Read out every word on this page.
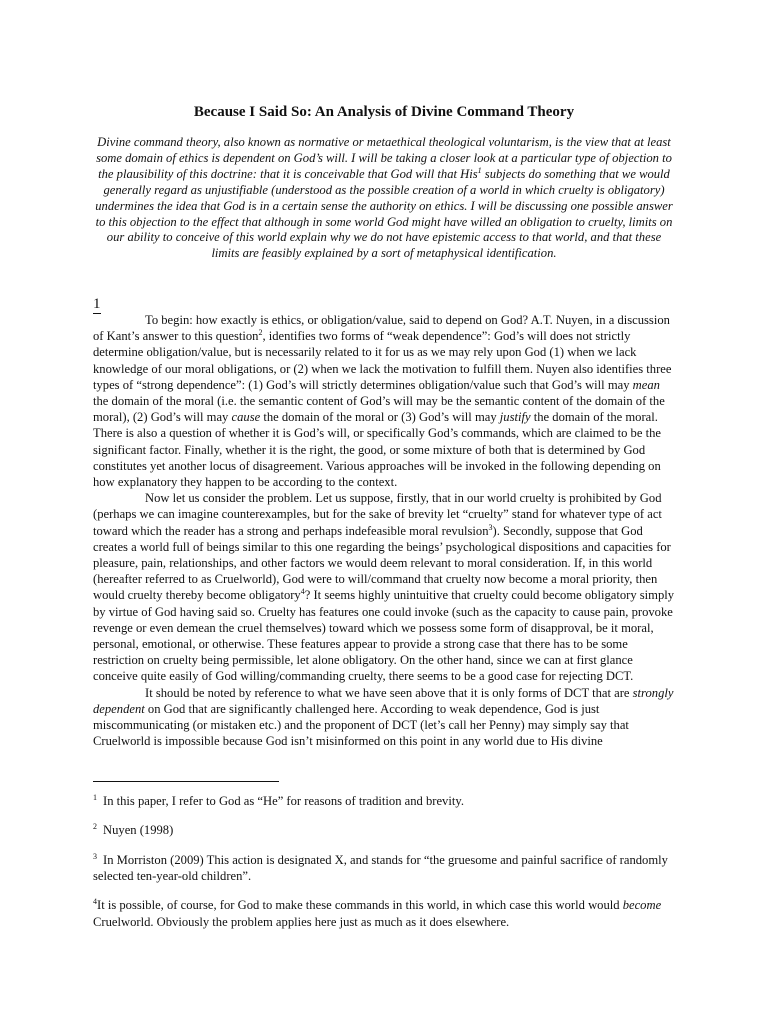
Because I Said So: An Analysis of Divine Command Theory
Divine command theory, also known as normative or metaethical theological voluntarism, is the view that at least some domain of ethics is dependent on God’s will. I will be taking a closer look at a particular type of objection to the plausibility of this doctrine: that it is conceivable that God will that His$^1$ subjects do something that we would generally regard as unjustifiable (understood as the possible creation of a world in which cruelty is obligatory) undermines the idea that God is in a certain sense the authority on ethics. I will be discussing one possible answer to this objection to the effect that although in some world God might have willed an obligation to cruelty, limits on our ability to conceive of this world explain why we do not have epistemic access to that world, and that these limits are feasibly explained by a sort of metaphysical identification.
1

To begin: how exactly is ethics, or obligation/value, said to depend on God? A.T. Nuyen, in a discussion of Kant’s answer to this question$^2$, identifies two forms of “weak dependence”: God’s will does not strictly determine obligation/value, but is necessarily related to it for us as we may rely upon God (1) when we lack knowledge of our moral obligations, or (2) when we lack the motivation to fulfill them. Nuyen also identifies three types of “strong dependence”: (1) God’s will strictly determines obligation/value such that God’s will may mean the domain of the moral (i.e. the semantic content of God’s will may be the semantic content of the domain of the moral), (2) God’s will may cause the domain of the moral or (3) God’s will may justify the domain of the moral. There is also a question of whether it is God’s will, or specifically God’s commands, which are claimed to be the significant factor. Finally, whether it is the right, the good, or some mixture of both that is determined by God constitutes yet another locus of disagreement. Various approaches will be invoked in the following depending on how explanatory they happen to be according to the context.

Now let us consider the problem. Let us suppose, firstly, that in our world cruelty is prohibited by God (perhaps we can imagine counterexamples, but for the sake of brevity let “cruelty” stand for whatever type of act toward which the reader has a strong and perhaps indefeasible moral revulsion$^3$). Secondly, suppose that God creates a world full of beings similar to this one regarding the beings’ psychological dispositions and capacities for pleasure, pain, relationships, and other factors we would deem relevant to moral consideration. If, in this world (hereafter referred to as Cruelworld), God were to will/command that cruelty now become a moral priority, then would cruelty thereby become obligatory$^4$? It seems highly unintuitive that cruelty could become obligatory simply by virtue of God having said so. Cruelty has features one could invoke (such as the capacity to cause pain, provoke revenge or even demean the cruel themselves) toward which we possess some form of disapproval, be it moral, personal, emotional, or otherwise. These features appear to provide a strong case that there has to be some restriction on cruelty being permissible, let alone obligatory. On the other hand, since we can at first glance conceive quite easily of God willing/commanding cruelty, there seems to be a good case for rejecting DCT.

It should be noted by reference to what we have seen above that it is only forms of DCT that are strongly dependent on God that are significantly challenged here. According to weak dependence, God is just miscommunicating (or mistaken etc.) and the proponent of DCT (let’s call her Penny) may simply say that Cruelworld is impossible because God isn’t misinformed on this point in any world due to His divine

$^1$ In this paper, I refer to God as “He” for reasons of tradition and brevity.
$^2$ Nuyen (1998)
$^3$ In Morriston (2009) This action is designated X, and stands for “the gruesome and painful sacrifice of randomly selected ten-year-old children”.
$^4$It is possible, of course, for God to make these commands in this world, in which case this world would become Cruelworld. Obviously the problem applies here just as much as it does elsewhere.
